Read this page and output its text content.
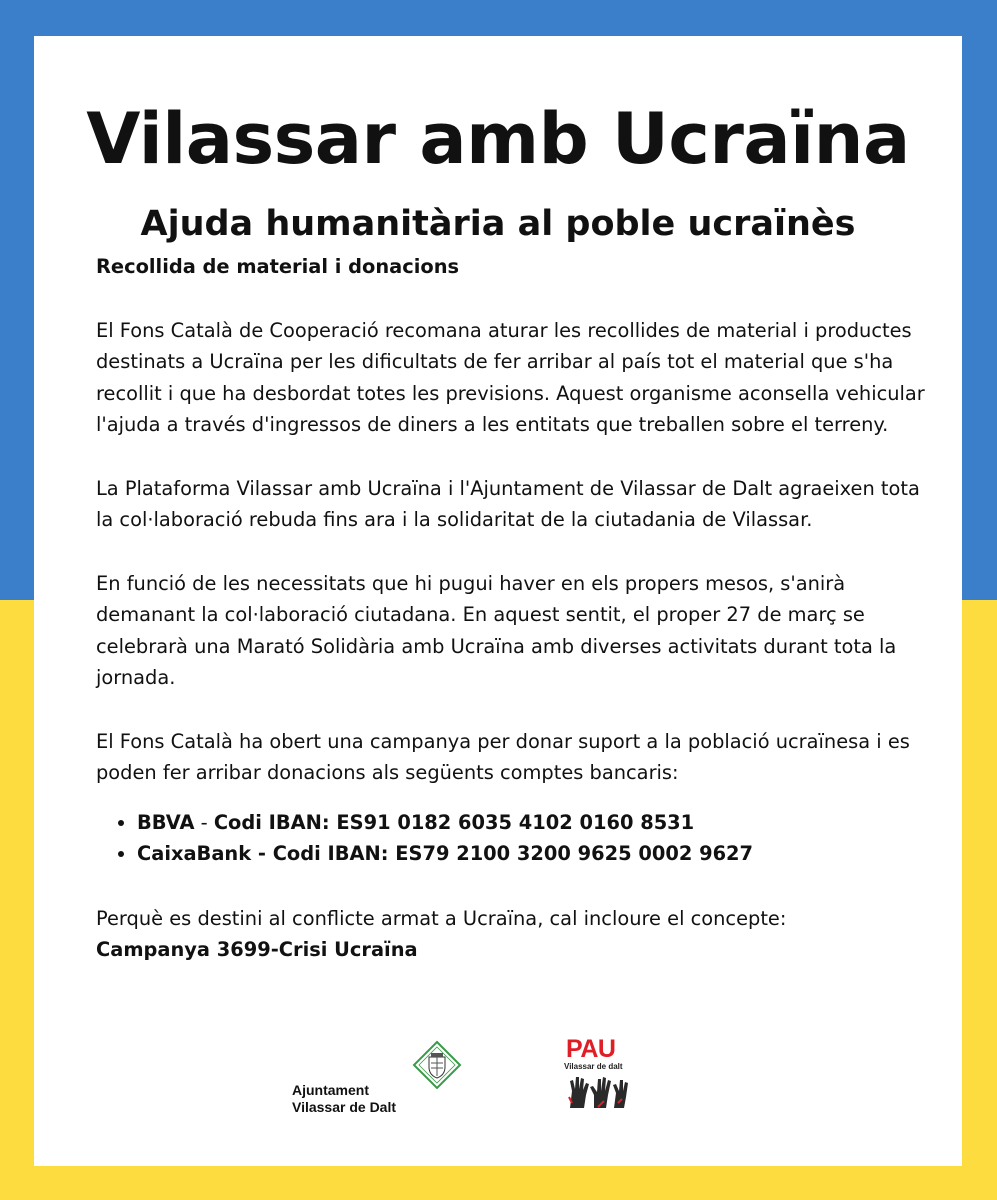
Vilassar amb Ucraïna
Ajuda humanitària al poble ucraïnès

Recollida de material i donacions

El Fons Català de Cooperació recomana aturar les recollides de material i productes destinats a Ucraïna per les dificultats de fer arribar al país tot el material que s'ha recollit i que ha desbordat totes les previsions. Aquest organisme aconsella vehicular l'ajuda a través d'ingressos de diners a les entitats que treballen sobre el terreny.

La Plataforma Vilassar amb Ucraïna i l'Ajuntament de Vilassar de Dalt agraeixen tota la col·laboració rebuda fins ara i la solidaritat de la ciutadania de Vilassar.

En funció de les necessitats que hi pugui haver en els propers mesos, s'anirà demanant la col·laboració ciutadana. En aquest sentit, el proper 27 de març se celebrarà una Marató Solidària amb Ucraïna amb diverses activitats durant tota la jornada.

El Fons Català ha obert una campanya per donar suport a la població ucraïnesa i es poden fer arribar donacions als següents comptes bancaris:

• BBVA - Codi IBAN: ES91 0182 6035 4102 0160 8531
• CaixaBank - Codi IBAN: ES79 2100 3200 9625 0002 9627

Perquè es destini al conflicte armat a Ucraïna, cal incloure el concepte:
Campanya 3699-Crisi Ucraïna

Ajuntament
Vilassar de Dalt
PAU
Vilassar de dalt
